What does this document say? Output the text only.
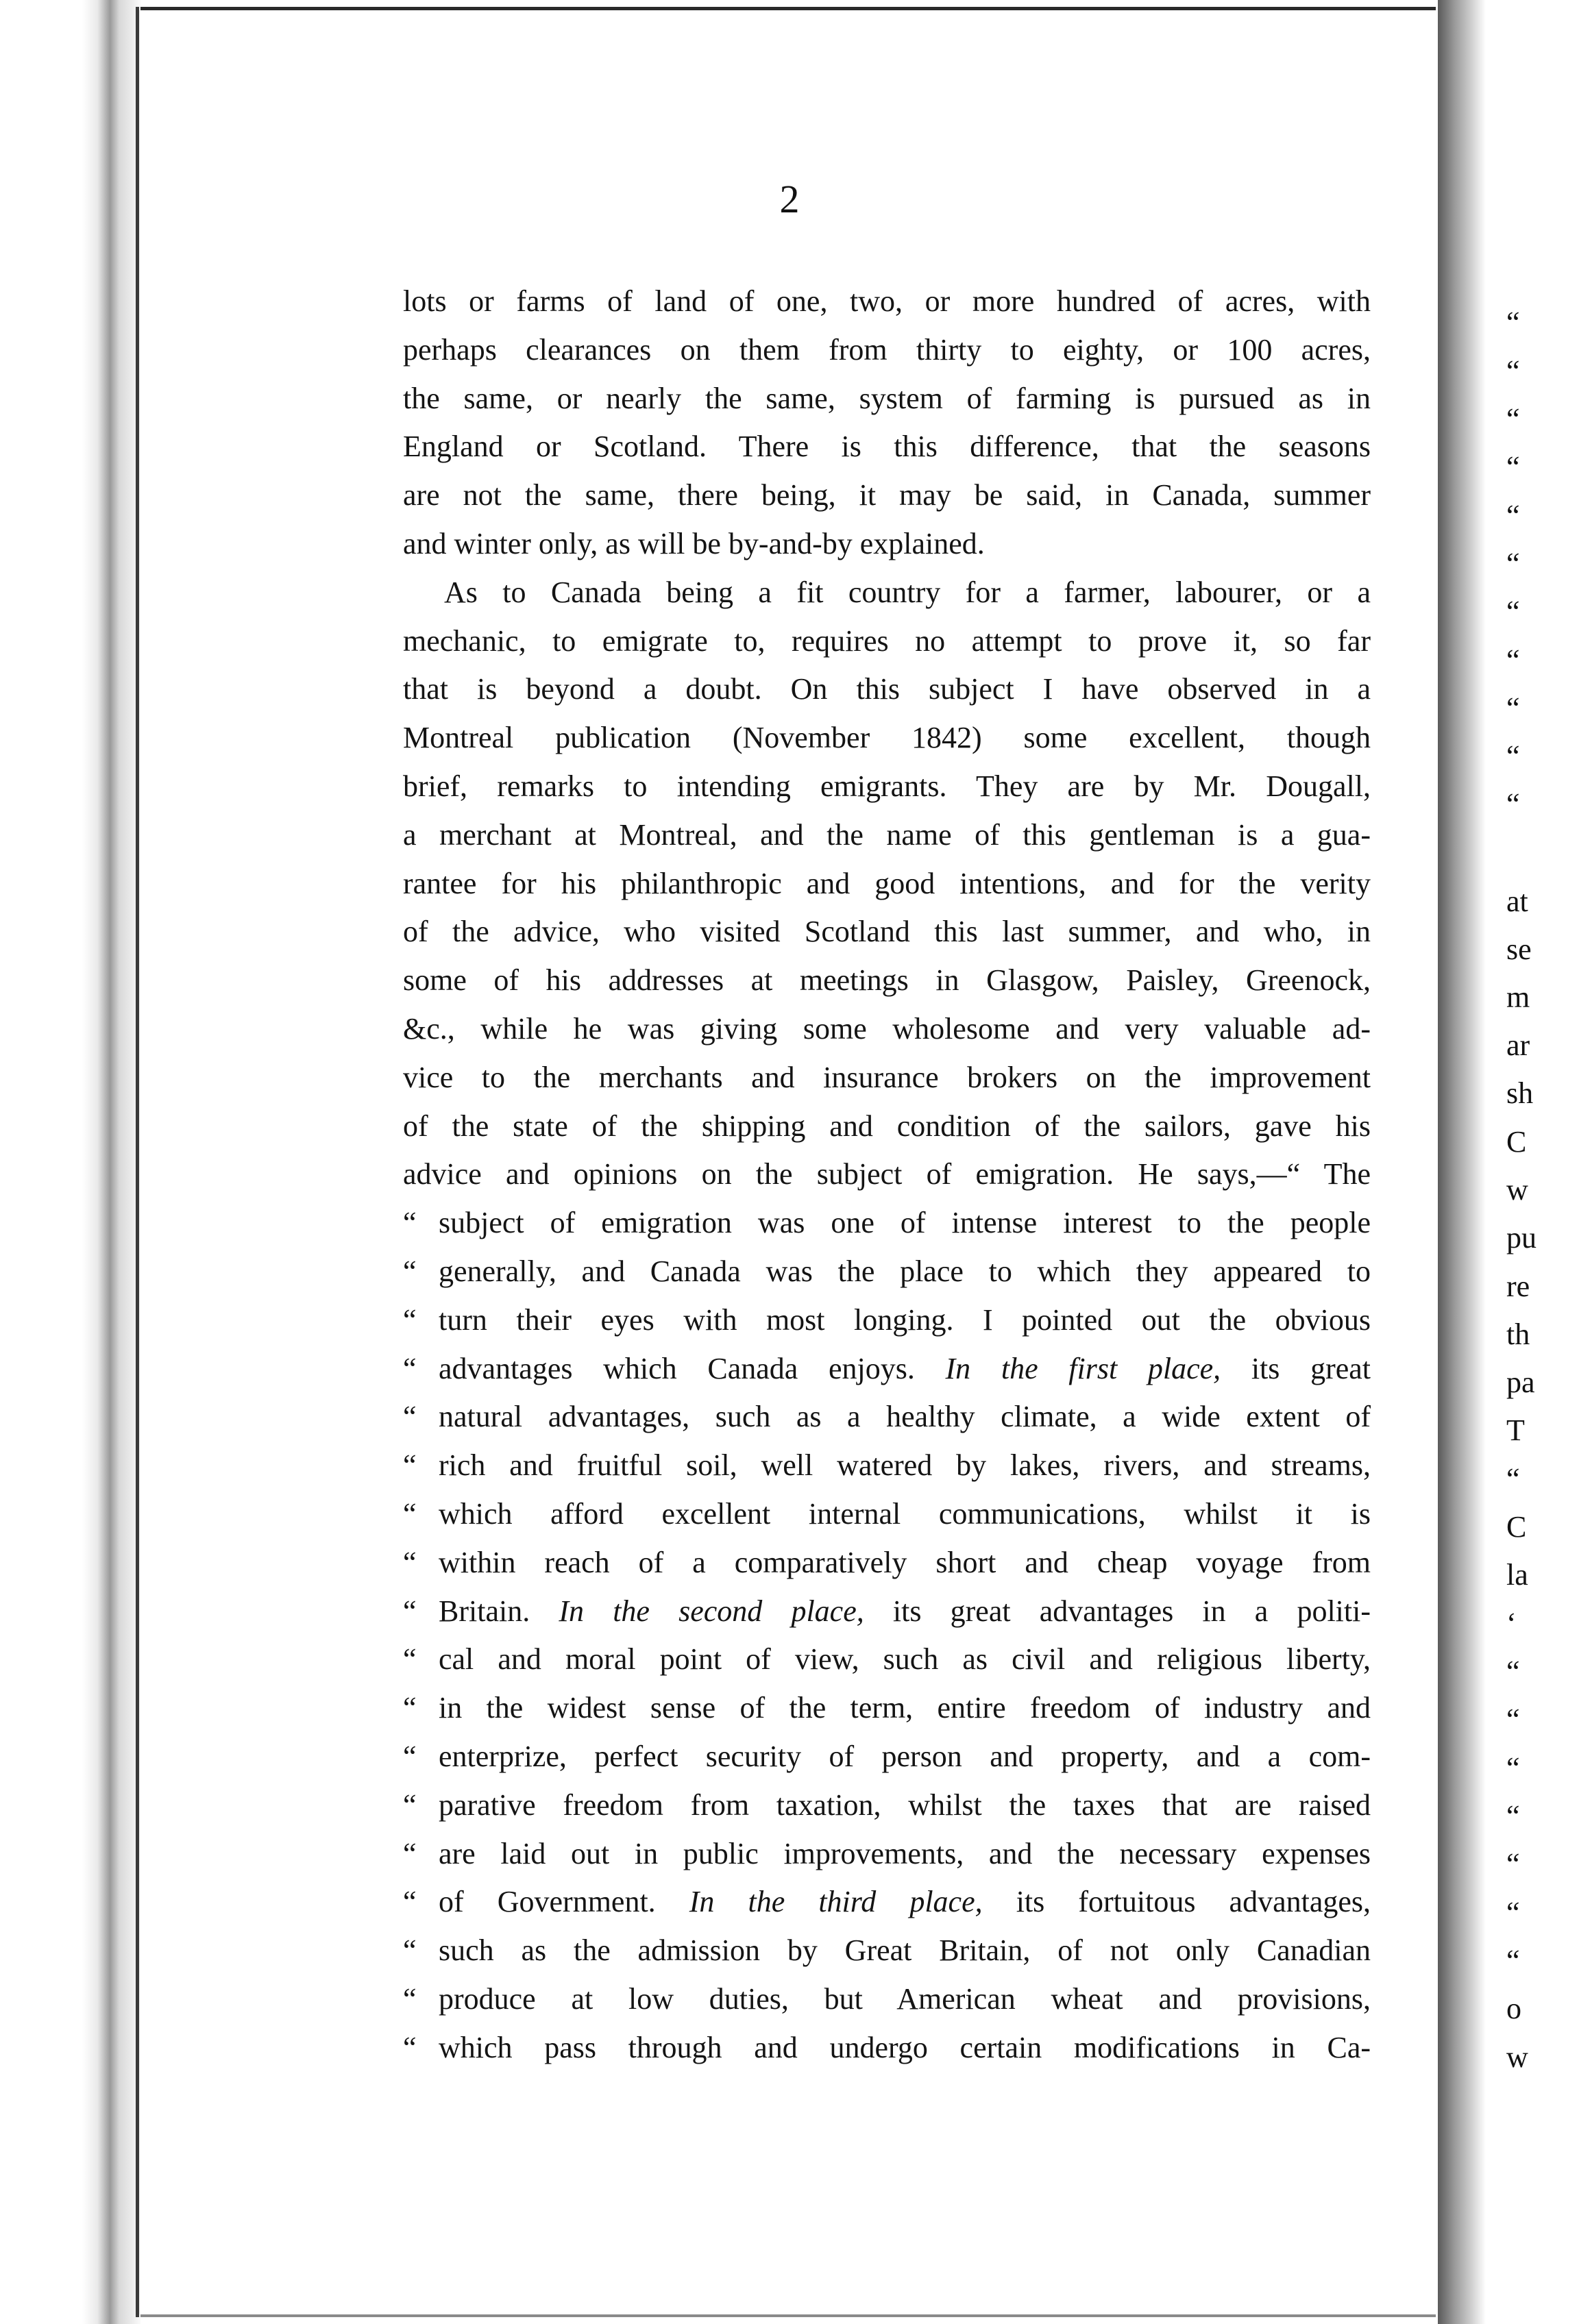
“
“
“
“
“
“
“
“
“
“
“
at
se
m
ar
sh
C
w
pu
re
th
pa
T
“
C
la
‘
“
“
“
“
“
“
“
o
w
2
lots or farms of land of one, two, or more hundred of acres, with
perhaps clearances on them from thirty to eighty, or 100 acres,
the same, or nearly the same, system of farming is pursued as in
England or Scotland. There is this difference, that the seasons
are not the same, there being, it may be said, in Canada, summer
and winter only, as will be by-and-by explained.
As to Canada being a fit country for a farmer, labourer, or a
mechanic, to emigrate to, requires no attempt to prove it, so far
that is beyond a doubt. On this subject I have observed in a
Montreal publication (November 1842) some excellent, though
brief, remarks to intending emigrants. They are by Mr. Dougall,
a merchant at Montreal, and the name of this gentleman is a gua-
rantee for his philanthropic and good intentions, and for the verity
of the advice, who visited Scotland this last summer, and who, in
some of his addresses at meetings in Glasgow, Paisley, Greenock,
&c., while he was giving some wholesome and very valuable ad-
vice to the merchants and insurance brokers on the improvement
of the state of the shipping and condition of the sailors, gave his
advice and opinions on the subject of emigration. He says,—“ The
“ subject of emigration was one of intense interest to the people
“ generally, and Canada was the place to which they appeared to
“ turn their eyes with most longing. I pointed out the obvious
“ advantages which Canada enjoys. In the first place, its great
“ natural advantages, such as a healthy climate, a wide extent of
“ rich and fruitful soil, well watered by lakes, rivers, and streams,
“ which afford excellent internal communications, whilst it is
“ within reach of a comparatively short and cheap voyage from
“ Britain. In the second place, its great advantages in a politi-
“ cal and moral point of view, such as civil and religious liberty,
“ in the widest sense of the term, entire freedom of industry and
“ enterprize, perfect security of person and property, and a com-
“ parative freedom from taxation, whilst the taxes that are raised
“ are laid out in public improvements, and the necessary expenses
“ of Government. In the third place, its fortuitous advantages,
“ such as the admission by Great Britain, of not only Canadian
“ produce at low duties, but American wheat and provisions,
“ which pass through and undergo certain modifications in Ca-
